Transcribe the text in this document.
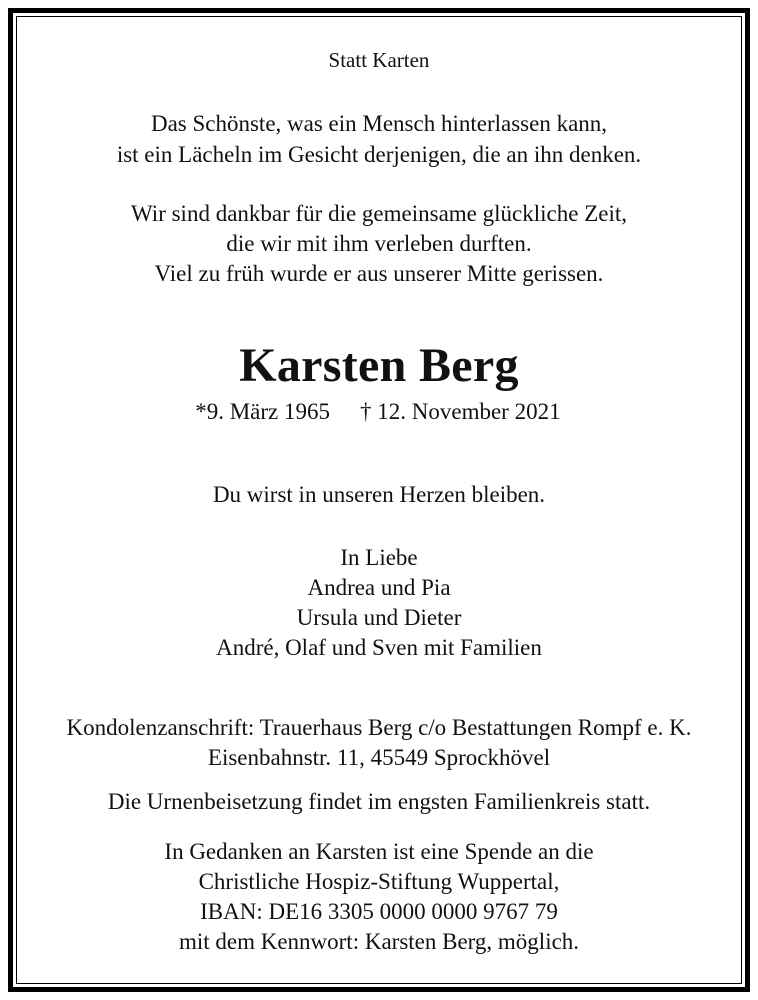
Statt Karten
Das Schönste, was ein Mensch hinterlassen kann,
ist ein Lächeln im Gesicht derjenigen, die an ihn denken.
Wir sind dankbar für die gemeinsame glückliche Zeit,
die wir mit ihm verleben durften.
Viel zu früh wurde er aus unserer Mitte gerissen.
Karsten Berg
*9. März 1965 † 12. November 2021
Du wirst in unseren Herzen bleiben.
In Liebe
Andrea und Pia
Ursula und Dieter
André, Olaf und Sven mit Familien
Kondolenzanschrift: Trauerhaus Berg c/o Bestattungen Rompf e. K.
Eisenbahnstr. 11, 45549 Sprockhövel
Die Urnenbeisetzung findet im engsten Familienkreis statt.
In Gedanken an Karsten ist eine Spende an die
Christliche Hospiz-Stiftung Wuppertal,
IBAN: DE16 3305 0000 0000 9767 79
mit dem Kennwort: Karsten Berg, möglich.
